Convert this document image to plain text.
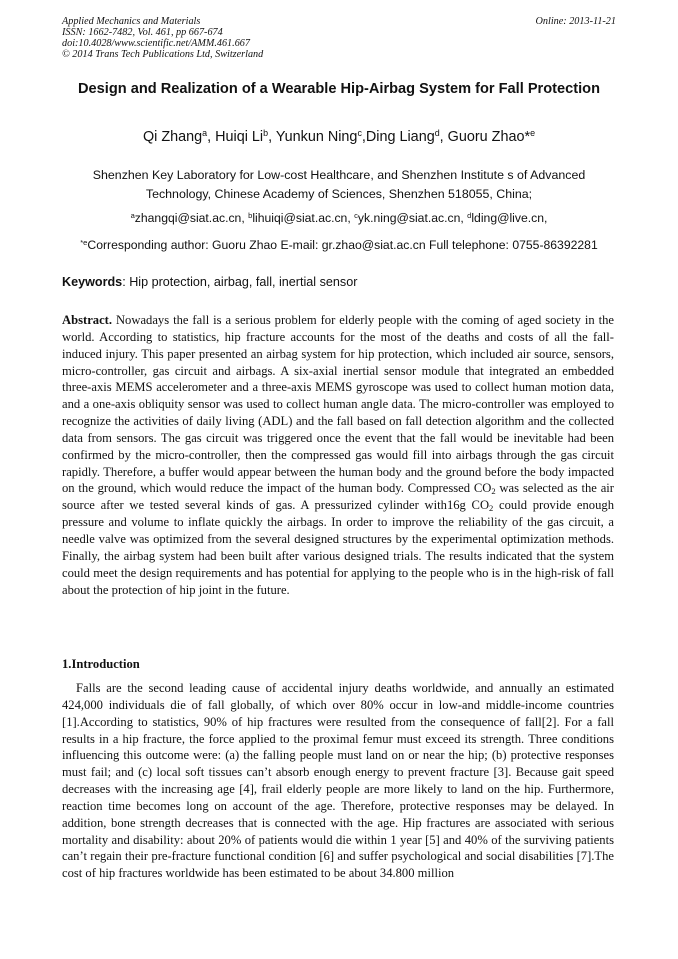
Applied Mechanics and Materials
ISSN: 1662-7482, Vol. 461, pp 667-674
doi:10.4028/www.scientific.net/AMM.461.667
© 2014 Trans Tech Publications Ltd, Switzerland
Online: 2013-11-21
Design and Realization of a Wearable Hip-Airbag System for Fall Protection
Qi Zhang$^a$, Huiqi Li$^b$, Yunkun Ning$^c$,Ding Liang$^d$, Guoru Zhao*$^e$
Shenzhen Key Laboratory for Low-cost Healthcare, and Shenzhen Institute s of Advanced Technology, Chinese Academy of Sciences, Shenzhen 518055, China;
$^a$zhangqi@siat.ac.cn, $^b$lihuiqi@siat.ac.cn, $^c$yk.ning@siat.ac.cn, $^d$lding@live.cn,
$^{*e}$Corresponding author: Guoru Zhao E-mail: gr.zhao@siat.ac.cn Full telephone: 0755-86392281
Keywords: Hip protection, airbag, fall, inertial sensor
Abstract. Nowadays the fall is a serious problem for elderly people with the coming of aged society in the world. According to statistics, hip fracture accounts for the most of the deaths and costs of all the fall-induced injury. This paper presented an airbag system for hip protection, which included air source, sensors, micro-controller, gas circuit and airbags. A six-axial inertial sensor module that integrated an embedded three-axis MEMS accelerometer and a three-axis MEMS gyroscope was used to collect human motion data, and a one-axis obliquity sensor was used to collect human angle data. The micro-controller was employed to recognize the activities of daily living (ADL) and the fall based on fall detection algorithm and the collected data from sensors. The gas circuit was triggered once the event that the fall would be inevitable had been confirmed by the micro-controller, then the compressed gas would fill into airbags through the gas circuit rapidly. Therefore, a buffer would appear between the human body and the ground before the body impacted on the ground, which would reduce the impact of the human body. Compressed $CO_2$ was selected as the air source after we tested several kinds of gas. A pressurized cylinder with16g $CO_2$ could provide enough pressure and volume to inflate quickly the airbags. In order to improve the reliability of the gas circuit, a needle valve was optimized from the several designed structures by the experimental optimization methods. Finally, the airbag system had been built after various designed trials. The results indicated that the system could meet the design requirements and has potential for applying to the people who is in the high-risk of fall about the protection of hip joint in the future.
1.Introduction
Falls are the second leading cause of accidental injury deaths worldwide, and annually an estimated 424,000 individuals die of fall globally, of which over 80% occur in low-and middle-income countries [1].According to statistics, 90% of hip fractures were resulted from the consequence of fall[2]. For a fall results in a hip fracture, the force applied to the proximal femur must exceed its strength. Three conditions influencing this outcome were: (a) the falling people must land on or near the hip; (b) protective responses must fail; and (c) local soft tissues can’t absorb enough energy to prevent fracture [3]. Because gait speed decreases with the increasing age [4], frail elderly people are more likely to land on the hip. Furthermore, reaction time becomes long on account of the age. Therefore, protective responses may be delayed. In addition, bone strength decreases that is connected with the age. Hip fractures are associated with serious mortality and disability: about 20% of patients would die within 1 year [5] and 40% of the surviving patients can’t regain their pre-fracture functional condition [6] and suffer psychological and social disabilities [7].The cost of hip fractures worldwide has been estimated to be about 34.800 million
